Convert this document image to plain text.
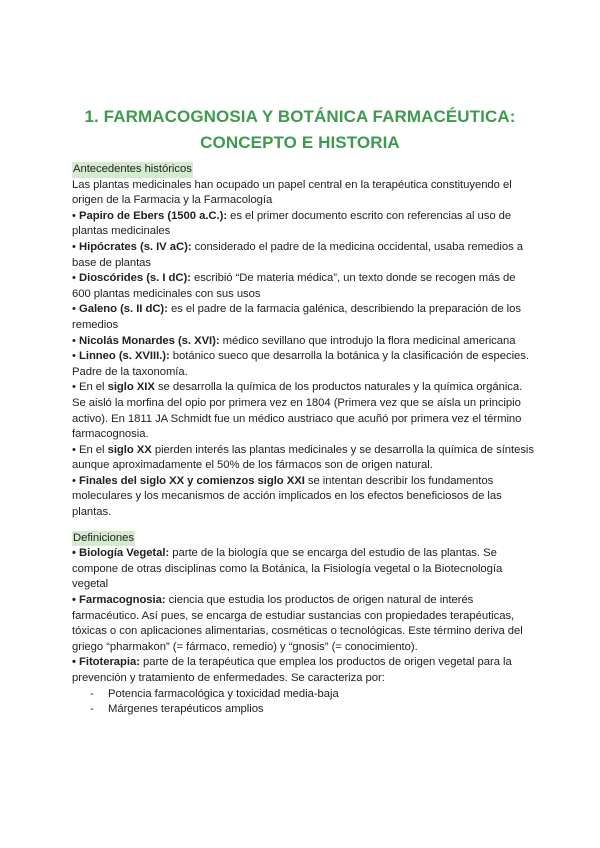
1. FARMACOGNOSIA Y BOTÁNICA FARMACÉUTICA:
CONCEPTO E HISTORIA
Antecedentes históricos

Las plantas medicinales han ocupado un papel central en la terapéutica constituyendo el origen de la Farmacia y la Farmacología

• Papiro de Ebers (1500 a.C.): es el primer documento escrito con referencias al uso de plantas medicinales

• Hipócrates (s. IV aC): considerado el padre de la medicina occidental, usaba remedios a base de plantas

• Dioscórides (s. I dC): escribió “De materia médica”, un texto donde se recogen más de 600 plantas medicinales con sus usos

• Galeno (s. II dC): es el padre de la farmacia galénica, describiendo la preparación de los remedios

• Nicolás Monardes (s. XVI): médico sevillano que introdujo la flora medicinal americana

• Linneo (s. XVIII.): botánico sueco que desarrolla la botánica y la clasificación de especies. Padre de la taxonomía.

• En el siglo XIX se desarrolla la química de los productos naturales y la química orgánica. Se aisló la morfina del opio por primera vez en 1804 (Primera vez que se aísla un principio activo). En 1811 JA Schmidt fue un médico austriaco que acuñó por primera vez el término farmacognosia.

• En el siglo XX pierden interés las plantas medicinales y se desarrolla la química de síntesis aunque aproximadamente el 50% de los fármacos son de origen natural.

• Finales del siglo XX y comienzos siglo XXI se intentan describir los fundamentos moleculares y los mecanismos de acción implicados en los efectos beneficiosos de las plantas.

Definiciones

• Biología Vegetal: parte de la biología que se encarga del estudio de las plantas. Se compone de otras disciplinas como la Botánica, la Fisiología vegetal o la Biotecnología vegetal

• Farmacognosia: ciencia que estudia los productos de origen natural de interés farmacéutico. Así pues, se encarga de estudiar sustancias con propiedades terapéuticas, tóxicas o con aplicaciones alimentarias, cosméticas o tecnológicas. Este término deriva del griego “pharmakon” (= fármaco, remedio) y “gnosis” (= conocimiento).

• Fitoterapia: parte de la terapéutica que emplea los productos de origen vegetal para la prevención y tratamiento de enfermedades. Se caracteriza por:

- Potencia farmacológica y toxicidad media-baja
- Márgenes terapéuticos amplios
